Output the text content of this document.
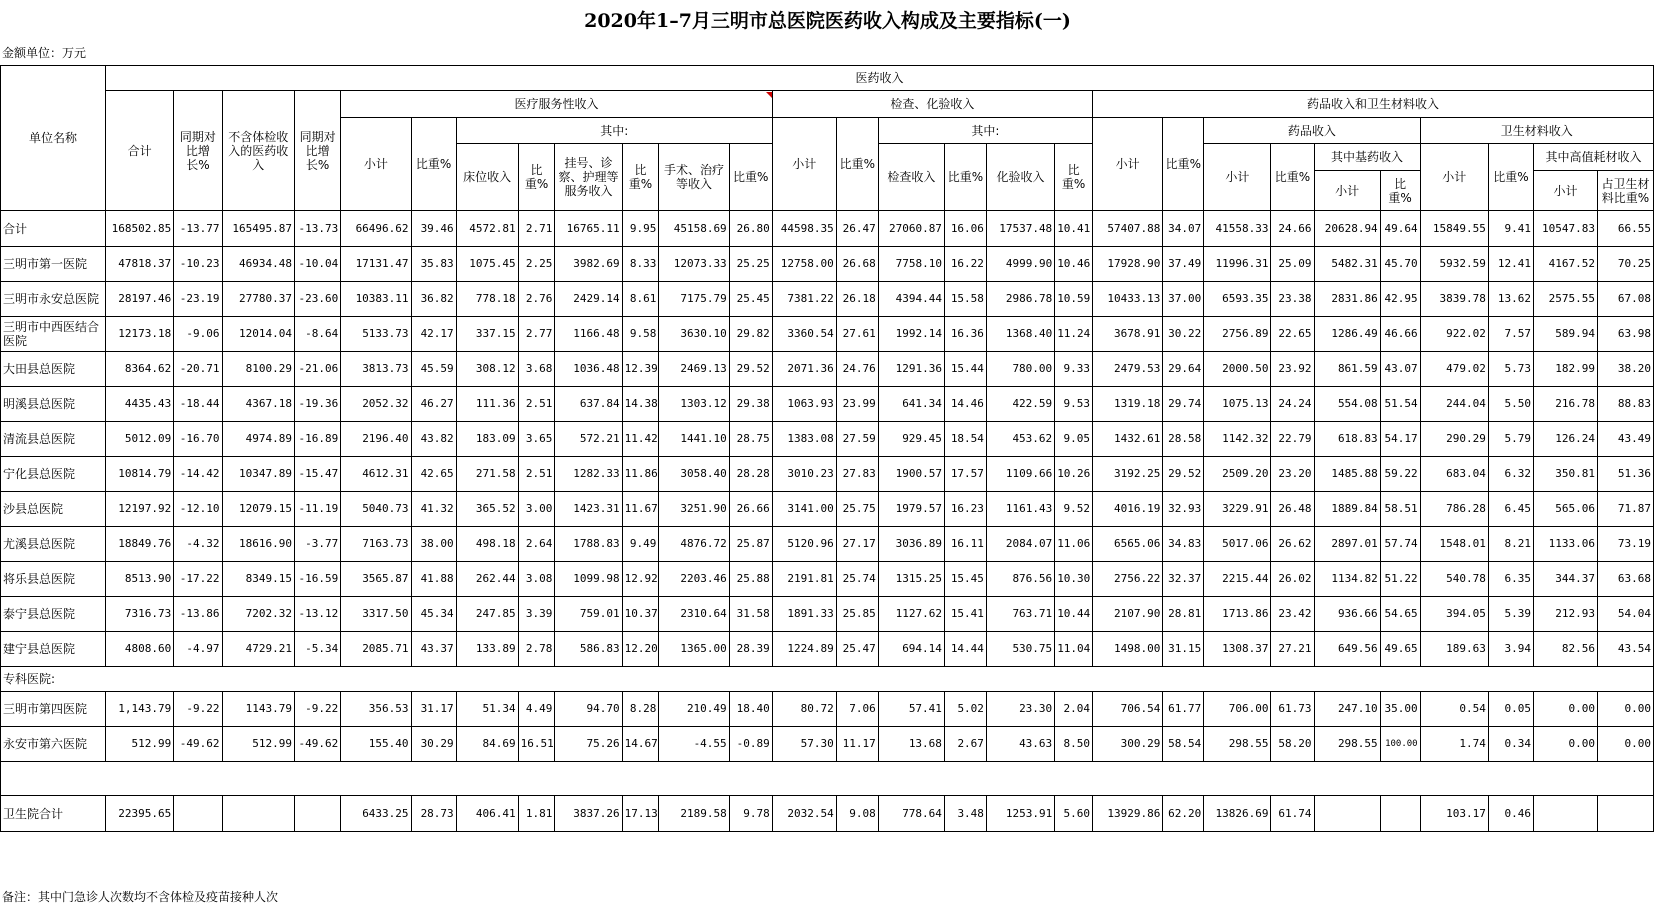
2020年1–7月三明市总医院医药收入构成及主要指标(一)
金额单位：万元
单位名称	医药收入																											
	合计	同期对比增长%	不含体检收入的医药收入	同期对比增长%	医疗服务性收入								检查、化验收入						药品收入和卫生材料收入									
					小计	比重%	其中:						小计	比重%	其中:				小计	比重%	药品收入				卫生材料收入			
							床位收入	比重%	挂号、诊察、护理等服务收入	比重%	手术、治疗等收入	比重%			检查收入	比重%	化验收入	比重%			小计	比重%	其中基药收入		小计	比重%	其中高值耗材收入	
																							小计	比重%			小计	占卫生材料比重%

合计	168502.85	-13.77	165495.87	-13.73	66496.62	39.46	4572.81	2.71	16765.11	9.95	45158.69	26.80	44598.35	26.47	27060.87	16.06	17537.48	10.41	57407.88	34.07	41558.33	24.66	20628.94	49.64	15849.55	9.41	10547.83	66.55
三明市第一医院	47818.37	-10.23	46934.48	-10.04	17131.47	35.83	1075.45	2.25	3982.69	8.33	12073.33	25.25	12758.00	26.68	7758.10	16.22	4999.90	10.46	17928.90	37.49	11996.31	25.09	5482.31	45.70	5932.59	12.41	4167.52	70.25
三明市永安总医院	28197.46	-23.19	27780.37	-23.60	10383.11	36.82	778.18	2.76	2429.14	8.61	7175.79	25.45	7381.22	26.18	4394.44	15.58	2986.78	10.59	10433.13	37.00	6593.35	23.38	2831.86	42.95	3839.78	13.62	2575.55	67.08
三明市中西医结合医院	12173.18	-9.06	12014.04	-8.64	5133.73	42.17	337.15	2.77	1166.48	9.58	3630.10	29.82	3360.54	27.61	1992.14	16.36	1368.40	11.24	3678.91	30.22	2756.89	22.65	1286.49	46.66	922.02	7.57	589.94	63.98
大田县总医院	8364.62	-20.71	8100.29	-21.06	3813.73	45.59	308.12	3.68	1036.48	12.39	2469.13	29.52	2071.36	24.76	1291.36	15.44	780.00	9.33	2479.53	29.64	2000.50	23.92	861.59	43.07	479.02	5.73	182.99	38.20
明溪县总医院	4435.43	-18.44	4367.18	-19.36	2052.32	46.27	111.36	2.51	637.84	14.38	1303.12	29.38	1063.93	23.99	641.34	14.46	422.59	9.53	1319.18	29.74	1075.13	24.24	554.08	51.54	244.04	5.50	216.78	88.83
清流县总医院	5012.09	-16.70	4974.89	-16.89	2196.40	43.82	183.09	3.65	572.21	11.42	1441.10	28.75	1383.08	27.59	929.45	18.54	453.62	9.05	1432.61	28.58	1142.32	22.79	618.83	54.17	290.29	5.79	126.24	43.49
宁化县总医院	10814.79	-14.42	10347.89	-15.47	4612.31	42.65	271.58	2.51	1282.33	11.86	3058.40	28.28	3010.23	27.83	1900.57	17.57	1109.66	10.26	3192.25	29.52	2509.20	23.20	1485.88	59.22	683.04	6.32	350.81	51.36
沙县总医院	12197.92	-12.10	12079.15	-11.19	5040.73	41.32	365.52	3.00	1423.31	11.67	3251.90	26.66	3141.00	25.75	1979.57	16.23	1161.43	9.52	4016.19	32.93	3229.91	26.48	1889.84	58.51	786.28	6.45	565.06	71.87
尤溪县总医院	18849.76	-4.32	18616.90	-3.77	7163.73	38.00	498.18	2.64	1788.83	9.49	4876.72	25.87	5120.96	27.17	3036.89	16.11	2084.07	11.06	6565.06	34.83	5017.06	26.62	2897.01	57.74	1548.01	8.21	1133.06	73.19
将乐县总医院	8513.90	-17.22	8349.15	-16.59	3565.87	41.88	262.44	3.08	1099.98	12.92	2203.46	25.88	2191.81	25.74	1315.25	15.45	876.56	10.30	2756.22	32.37	2215.44	26.02	1134.82	51.22	540.78	6.35	344.37	63.68
泰宁县总医院	7316.73	-13.86	7202.32	-13.12	3317.50	45.34	247.85	3.39	759.01	10.37	2310.64	31.58	1891.33	25.85	1127.62	15.41	763.71	10.44	2107.90	28.81	1713.86	23.42	936.66	54.65	394.05	5.39	212.93	54.04
建宁县总医院	4808.60	-4.97	4729.21	-5.34	2085.71	43.37	133.89	2.78	586.83	12.20	1365.00	28.39	1224.89	25.47	694.14	14.44	530.75	11.04	1498.00	31.15	1308.37	27.21	649.56	49.65	189.63	3.94	82.56	43.54
专科医院:																												
三明市第四医院	1,143.79	-9.22	1143.79	-9.22	356.53	31.17	51.34	4.49	94.70	8.28	210.49	18.40	80.72	7.06	57.41	5.02	23.30	2.04	706.54	61.77	706.00	61.73	247.10	35.00	0.54	0.05	0.00	0.00
永安市第六医院	512.99	-49.62	512.99	-49.62	155.40	30.29	84.69	16.51	75.26	14.67	-4.55	-0.89	57.30	11.17	13.68	2.67	43.63	8.50	300.29	58.54	298.55	58.20	298.55	100.00	1.74	0.34	0.00	0.00

卫生院合计	22395.65				6433.25	28.73	406.41	1.81	3837.26	17.13	2189.58	9.78	2032.54	9.08	778.64	3.48	1253.91	5.60	13929.86	62.20	13826.69	61.74			103.17	0.46		
备注：其中门急诊人次数均不含体检及疫苗接种人次
